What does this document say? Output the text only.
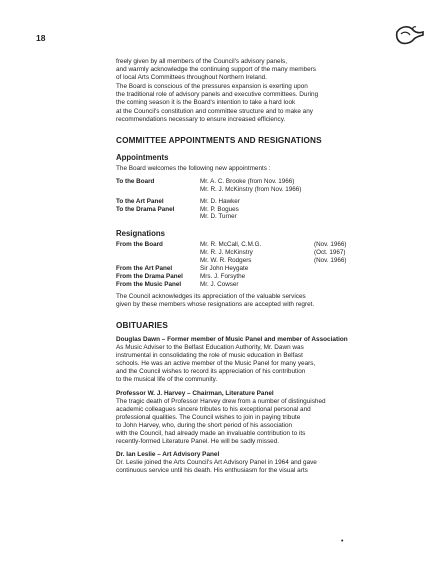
18
freely given by all members of the Council's advisory panels,
and warmly acknowledge the continuing support of the many members
of local Arts Committees throughout Northern Ireland.
The Board is conscious of the pressures expansion is exerting upon
the traditional role of advisory panels and executive committees. During
the coming season it is the Board's intention to take a hard look
at the Council's constitution and committee structure and to make any
recommendations necessary to ensure increased efficiency.
COMMITTEE APPOINTMENTS AND RESIGNATIONS
Appointments
The Board welcomes the following new appointments :
To the Board	Mr. A. C. Brooke (from Nov. 1966)
Mr. R. J. McKinstry (from Nov. 1966)
To the Art Panel	Mr. D. Hawker
To the Drama Panel	Mr. P. Bogues
Mr. D. Turner
Resignations
From the Board	Mr. R. McCall, C.M.G.	(Nov. 1966)
Mr. R. J. McKinstry	(Oct. 1967)
Mr. W. R. Rodgers	(Nov. 1966)
From the Art Panel	Sir John Heygate
From the Drama Panel	Mrs. J. Forsythe
From the Music Panel	Mr. J. Cowser
The Council acknowledges its appreciation of the valuable services
given by these members whose resignations are accepted with regret.
OBITUARIES
Douglas Dawn – Former member of Music Panel and member of Association
As Music Adviser to the Belfast Education Authority, Mr. Dawn was
instrumental in consolidating the role of music education in Belfast
schools. He was an active member of the Music Panel for many years,
and the Council wishes to record its appreciation of his contribution
to the musical life of the community.
Professor W. J. Harvey – Chairman, Literature Panel
The tragic death of Professor Harvey drew from a number of distinguished
academic colleagues sincere tributes to his exceptional personal and
professional qualities. The Council wishes to join in paying tribute
to John Harvey, who, during the short period of his association
with the Council, had already made an invaluable contribution to its
recently-formed Literature Panel. He will be sadly missed.
Dr. Ian Leslie – Art Advisory Panel
Dr. Leslie joined the Arts Council's Art Advisory Panel in 1964 and gave
continuous service until his death. His enthusiasm for the visual arts
•
